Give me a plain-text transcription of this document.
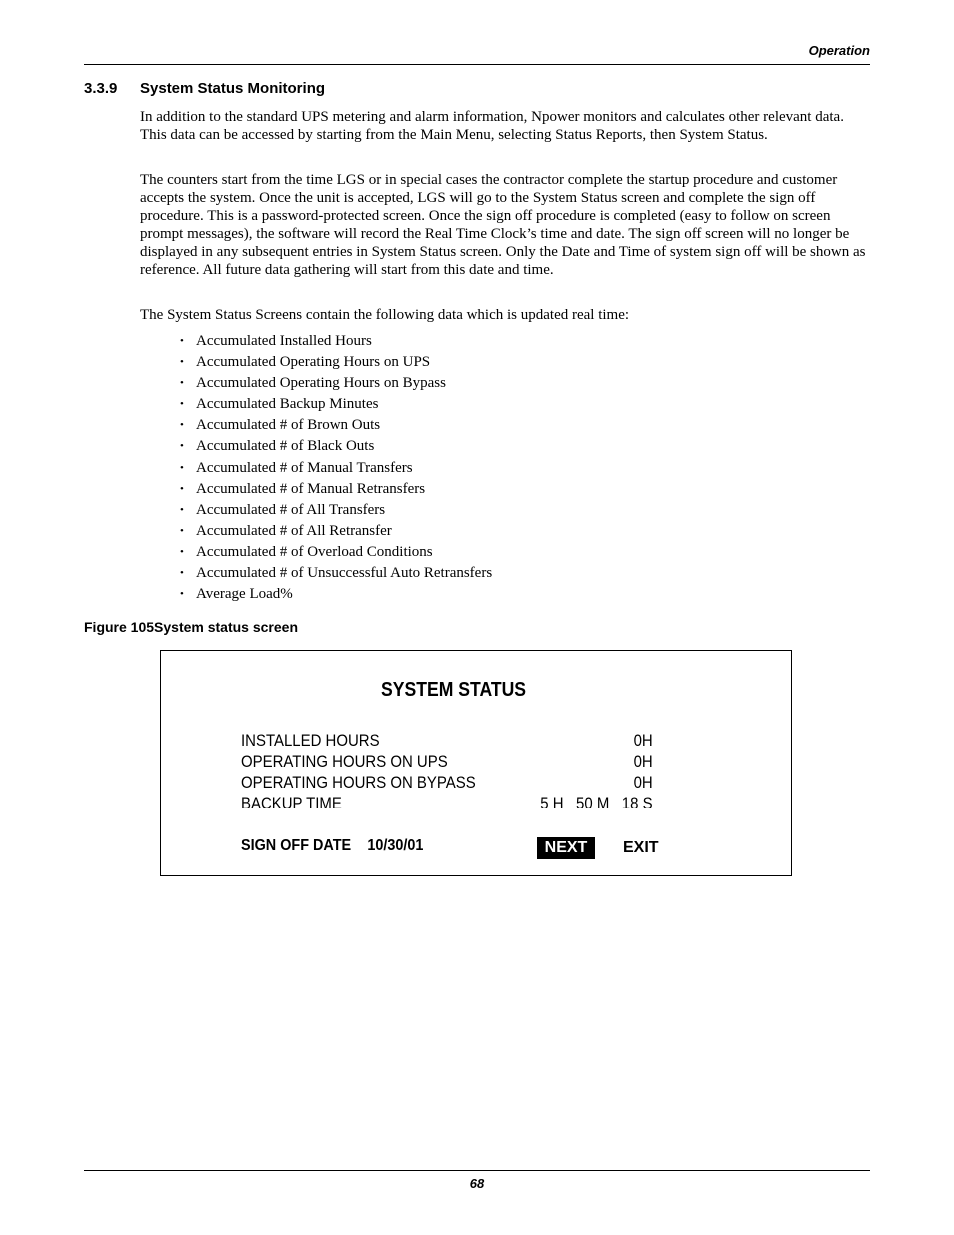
Operation
3.3.9 System Status Monitoring

In addition to the standard UPS metering and alarm information, Npower monitors and calculates other relevant data. This data can be accessed by starting from the Main Menu, selecting Status Reports, then System Status.

The counters start from the time LGS or in special cases the contractor complete the startup procedure and customer accepts the system. Once the unit is accepted, LGS will go to the System Status screen and complete the sign off procedure. This is a password-protected screen. Once the sign off procedure is completed (easy to follow on screen prompt messages), the software will record the Real Time Clock’s time and date. The sign off screen will no longer be displayed in any subsequent entries in System Status screen. Only the Date and Time of system sign off will be shown as reference. All future data gathering will start from this date and time.

The System Status Screens contain the following data which is updated real time:

• Accumulated Installed Hours
• Accumulated Operating Hours on UPS
• Accumulated Operating Hours on Bypass
• Accumulated Backup Minutes
• Accumulated # of Brown Outs
• Accumulated # of Black Outs
• Accumulated # of Manual Transfers
• Accumulated # of Manual Retransfers
• Accumulated # of All Transfers
• Accumulated # of All Retransfer
• Accumulated # of Overload Conditions
• Accumulated # of Unsuccessful Auto Retransfers
• Average Load%
Figure 105System status screen
SYSTEM STATUS
INSTALLED HOURS	0H
OPERATING HOURS ON UPS	0H
OPERATING HOURS ON BYPASS	0H
BACKUP TIME	5 H   50 M   18 S
SIGN OFF DATE 10/30/01	NEXT	EXIT
68
